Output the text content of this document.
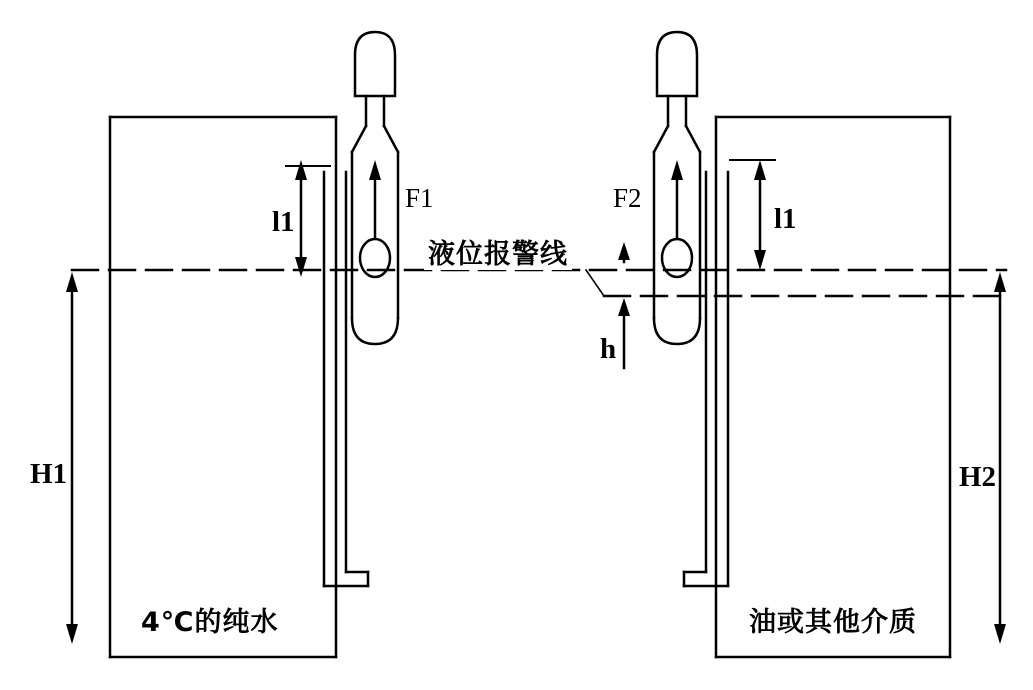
F1	F2
l1	l1
H1	H2
h
液位报警线
4℃的纯水	油或其他介质
